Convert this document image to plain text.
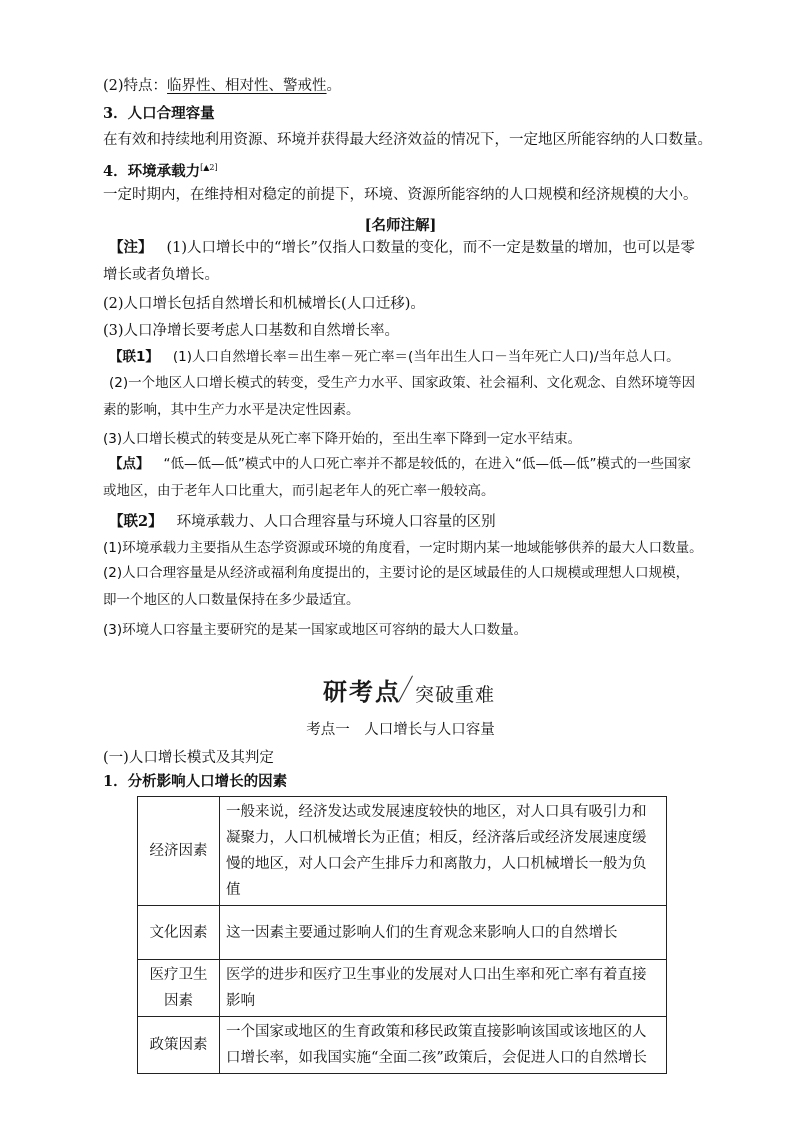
(2)特点：临界性、相对性、警戒性。
3．人口合理容量
在有效和持续地利用资源、环境并获得最大经济效益的情况下，一定地区所能容纳的人口数量。
4．环境承载力[▲2]
一定时期内，在维持相对稳定的前提下，环境、资源所能容纳的人口规模和经济规模的大小。
[名师注解]
【注】 (1)人口增长中的“增长”仅指人口数量的变化，而不一定是数量的增加，也可以是零增长或者负增长。
(2)人口增长包括自然增长和机械增长(人口迁移)。
(3)人口净增长要考虑人口基数和自然增长率。
【联1】 (1)人口自然增长率＝出生率－死亡率＝(当年出生人口－当年死亡人口)/当年总人口。
(2)一个地区人口增长模式的转变，受生产力水平、国家政策、社会福利、文化观念、自然环境等因素的影响，其中生产力水平是决定性因素。
(3)人口增长模式的转变是从死亡率下降开始的，至出生率下降到一定水平结束。
【点】 “低—低—低”模式中的人口死亡率并不都是较低的，在进入“低—低—低”模式的一些国家或地区，由于老年人口比重大，而引起老年人的死亡率一般较高。
【联2】 环境承载力、人口合理容量与环境人口容量的区别
(1)环境承载力主要指从生态学资源或环境的角度看，一定时期内某一地域能够供养的最大人口数量。
(2)人口合理容量是从经济或福利角度提出的，主要讨论的是区域最佳的人口规模或理想人口规模，即一个地区的人口数量保持在多少最适宜。
(3)环境人口容量主要研究的是某一国家或地区可容纳的最大人口数量。
研考点 突破重难
考点一　人口增长与人口容量
(一)人口增长模式及其判定
1．分析影响人口增长的因素
经济因素	一般来说，经济发达或发展速度较快的地区，对人口具有吸引力和凝聚力，人口机械增长为正值；相反，经济落后或经济发展速度缓慢的地区，对人口会产生排斥力和离散力，人口机械增长一般为负值
文化因素	这一因素主要通过影响人们的生育观念来影响人口的自然增长
医疗卫生因素	医学的进步和医疗卫生事业的发展对人口出生率和死亡率有着直接影响
政策因素	一个国家或地区的生育政策和移民政策直接影响该国或该地区的人口增长率，如我国实施“全面二孩”政策后，会促进人口的自然增长
